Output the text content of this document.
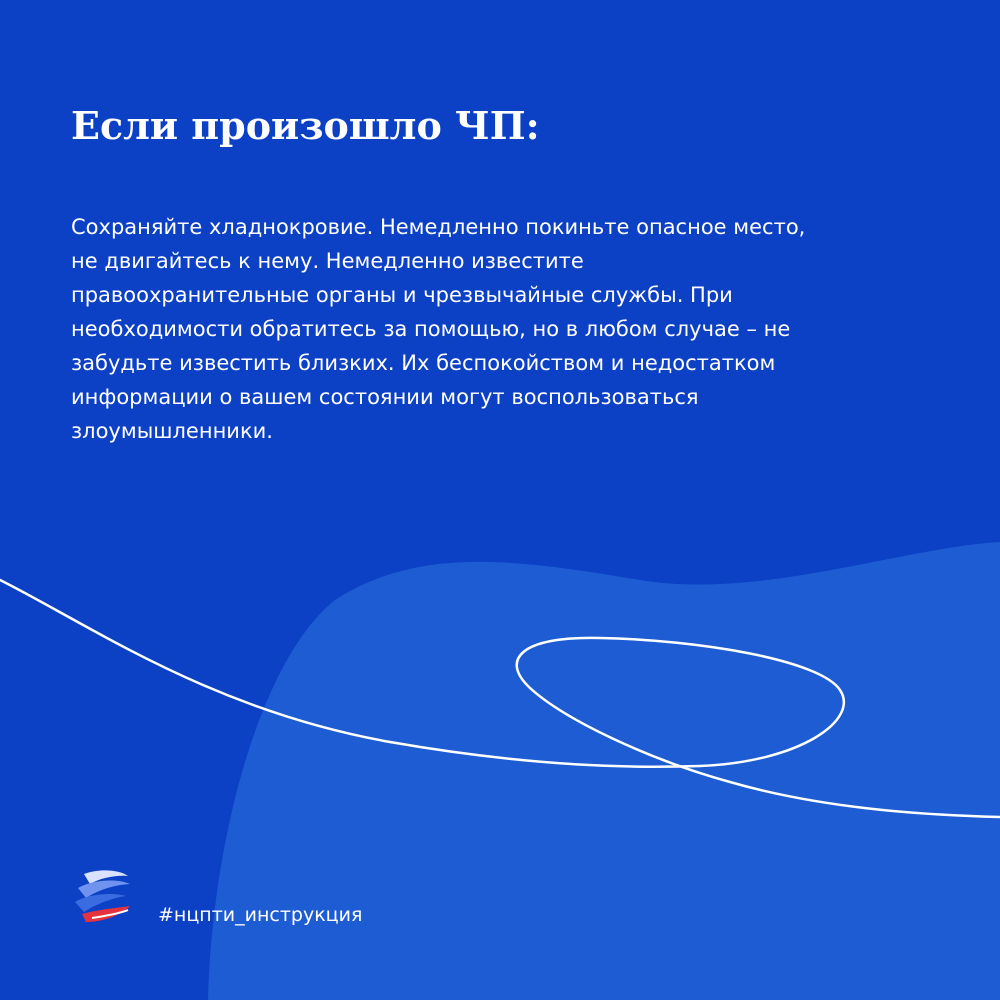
Если произошло ЧП:
Сохраняйте хладнокровие. Немедленно покиньте опасное место,
не двигайтесь к нему. Немедленно известите
правоохранительные органы и чрезвычайные службы. При
необходимости обратитесь за помощью, но в любом случае – не
забудьте известить близких. Их беспокойством и недостатком
информации о вашем состоянии могут воспользоваться
злоумышленники.
#нцпти_инструкция
